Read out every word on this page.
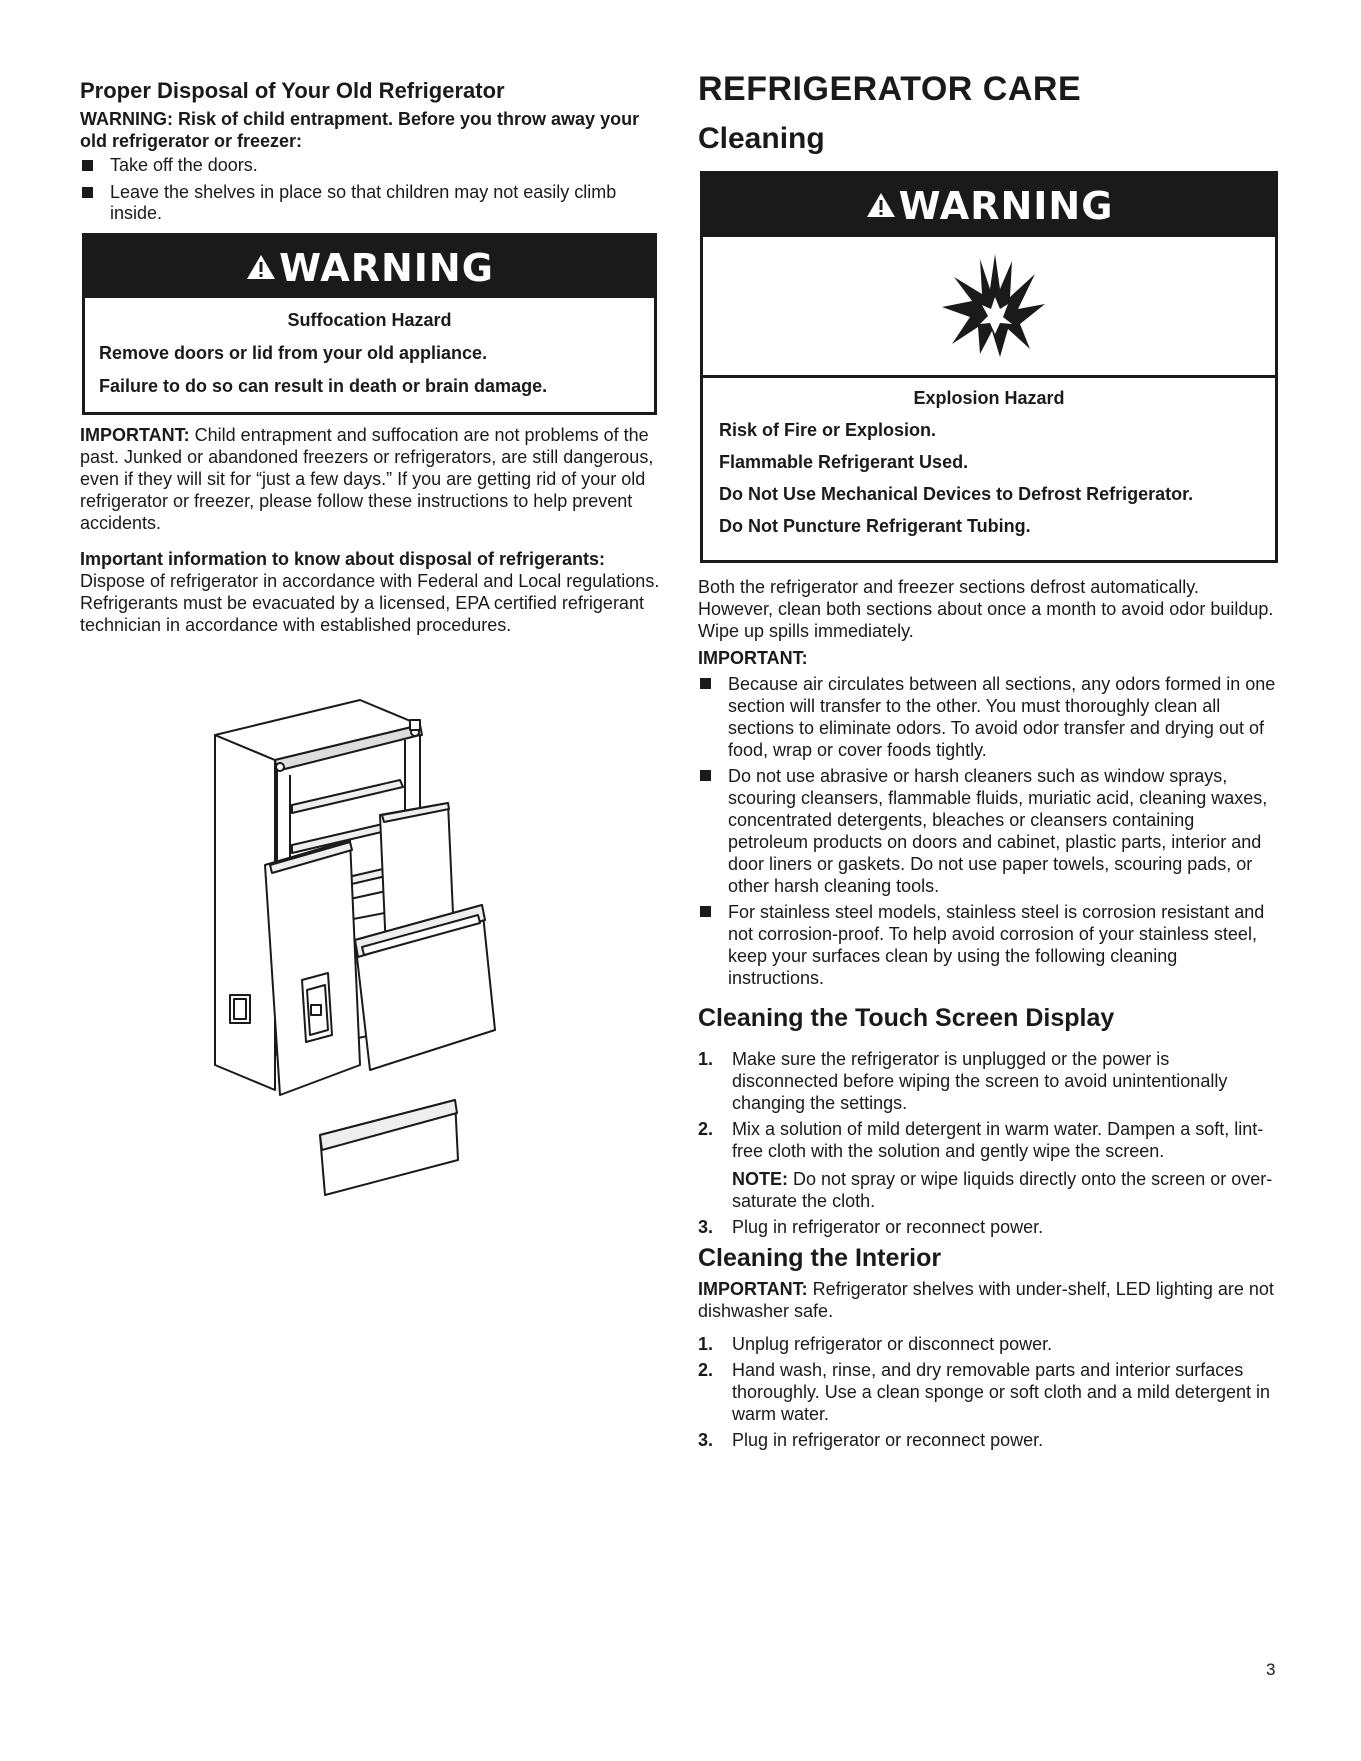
Proper Disposal of Your Old Refrigerator
WARNING: Risk of child entrapment. Before you throw away your old refrigerator or freezer:
Take off the doors.
Leave the shelves in place so that children may not easily climb inside.
WARNING
Suffocation Hazard
Remove doors or lid from your old appliance.
Failure to do so can result in death or brain damage.
IMPORTANT: Child entrapment and suffocation are not problems of the past. Junked or abandoned freezers or refrigerators, are still dangerous, even if they will sit for “just a few days.” If you are getting rid of your old refrigerator or freezer, please follow these instructions to help prevent accidents.
Important information to know about disposal of refrigerants:
Dispose of refrigerator in accordance with Federal and Local regulations. Refrigerants must be evacuated by a licensed, EPA certified refrigerant technician in accordance with established procedures.
REFRIGERATOR CARE
Cleaning
WARNING
Explosion Hazard
Risk of Fire or Explosion.
Flammable Refrigerant Used.
Do Not Use Mechanical Devices to Defrost Refrigerator.
Do Not Puncture Refrigerant Tubing.
Both the refrigerator and freezer sections defrost automatically. However, clean both sections about once a month to avoid odor buildup. Wipe up spills immediately.
IMPORTANT:
Because air circulates between all sections, any odors formed in one section will transfer to the other. You must thoroughly clean all sections to eliminate odors. To avoid odor transfer and drying out of food, wrap or cover foods tightly.
Do not use abrasive or harsh cleaners such as window sprays, scouring cleansers, flammable fluids, muriatic acid, cleaning waxes, concentrated detergents, bleaches or cleansers containing petroleum products on doors and cabinet, plastic parts, interior and door liners or gaskets. Do not use paper towels, scouring pads, or other harsh cleaning tools.
For stainless steel models, stainless steel is corrosion resistant and not corrosion-proof. To help avoid corrosion of your stainless steel, keep your surfaces clean by using the following cleaning instructions.
Cleaning the Touch Screen Display
1. Make sure the refrigerator is unplugged or the power is disconnected before wiping the screen to avoid unintentionally changing the settings.
2. Mix a solution of mild detergent in warm water. Dampen a soft, lint-free cloth with the solution and gently wipe the screen.
NOTE: Do not spray or wipe liquids directly onto the screen or over-saturate the cloth.
3. Plug in refrigerator or reconnect power.
Cleaning the Interior
IMPORTANT: Refrigerator shelves with under-shelf, LED lighting are not dishwasher safe.
1. Unplug refrigerator or disconnect power.
2. Hand wash, rinse, and dry removable parts and interior surfaces thoroughly. Use a clean sponge or soft cloth and a mild detergent in warm water.
3. Plug in refrigerator or reconnect power.
3
